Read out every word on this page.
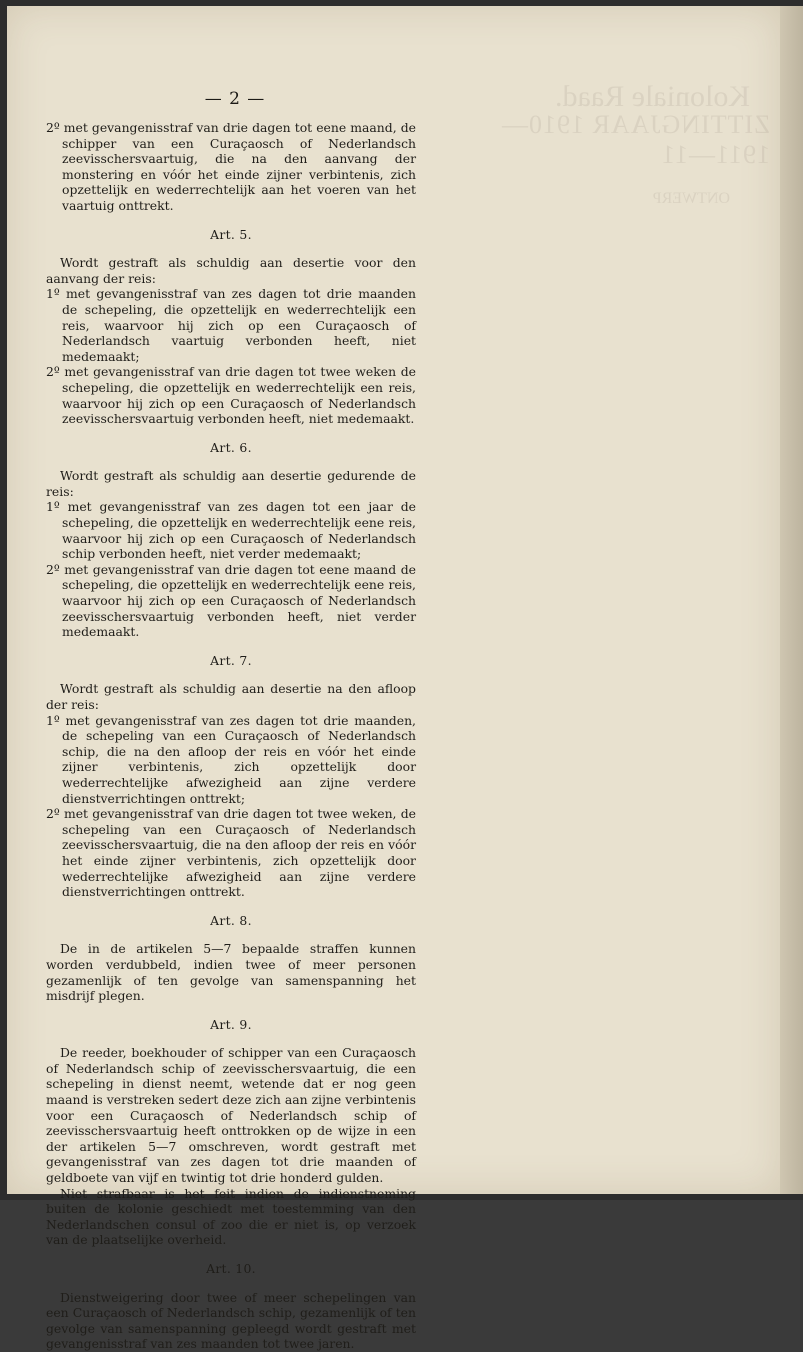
— 2 —

2º met gevangenisstraf van drie dagen tot eene maand, de schipper van een Curaçaosch of Nederlandsch zeevisschersvaartuig, die na den aanvang der monstering en vóór het einde zijner verbintenis, zich opzettelijk en wederrechtelijk aan het voeren van het vaartuig onttrekt.

Art. 5.

Wordt gestraft als schuldig aan desertie voor den aanvang der reis:

1º met gevangenisstraf van zes dagen tot drie maanden de schepeling, die opzettelijk en wederrechtelijk een reis, waarvoor hij zich op een Curaçaosch of Nederlandsch vaartuig verbonden heeft, niet medemaakt;

2º met gevangenisstraf van drie dagen tot twee weken de schepeling, die opzettelijk en wederrechtelijk een reis, waarvoor hij zich op een Curaçaosch of Nederlandsch zeevisschersvaartuig verbonden heeft, niet medemaakt.

Art. 6.

Wordt gestraft als schuldig aan desertie gedurende de reis:

1º met gevangenisstraf van zes dagen tot een jaar de schepeling, die opzettelijk en wederrechtelijk eene reis, waarvoor hij zich op een Curaçaosch of Nederlandsch schip verbonden heeft, niet verder medemaakt;

2º met gevangenisstraf van drie dagen tot eene maand de schepeling, die opzettelijk en wederrechtelijk eene reis, waarvoor hij zich op een Curaçaosch of Nederlandsch zeevisschersvaartuig verbonden heeft, niet verder medemaakt.

Art. 7.

Wordt gestraft als schuldig aan desertie na den afloop der reis:

1º met gevangenisstraf van zes dagen tot drie maanden, de schepeling van een Curaçaosch of Nederlandsch schip, die na den afloop der reis en vóór het einde zijner verbintenis, zich opzettelijk door wederrechtelijke afwezigheid aan zijne verdere dienstverrichtingen onttrekt;

2º met gevangenisstraf van drie dagen tot twee weken, de schepeling van een Curaçaosch of Nederlandsch zeevisschersvaartuig, die na den afloop der reis en vóór het einde zijner verbintenis, zich opzettelijk door wederrechtelijke afwezigheid aan zijne verdere dienstverrichtingen onttrekt.

Art. 8.

De in de artikelen 5—7 bepaalde straffen kunnen worden verdubbeld, indien twee of meer personen gezamenlijk of ten gevolge van samenspanning het misdrijf plegen.

Art. 9.

De reeder, boekhouder of schipper van een Curaçaosch of Nederlandsch schip of zeevisschersvaartuig, die een schepeling in dienst neemt, wetende dat er nog geen maand is verstreken sedert deze zich aan zijne verbintenis voor een Curaçaosch of Nederlandsch schip of zeevisschersvaartuig heeft onttrokken op de wijze in een der artikelen 5—7 omschreven, wordt gestraft met gevangenisstraf van zes dagen tot drie maanden of geldboete van vijf en twintig tot drie honderd gulden.

Niet strafbaar is het feit indien de indienstneming buiten de kolonie geschiedt met toestemming van den Nederlandschen consul of zoo die er niet is, op verzoek van de plaatselijke overheid.

Art. 10.

Dienstweigering door twee of meer schepelingen van een Curaçaosch of Nederlandsch schip, gezamenlijk of ten gevolge van samenspanning gepleegd wordt gestraft met gevangenisstraf van zes maanden tot twee jaren.
